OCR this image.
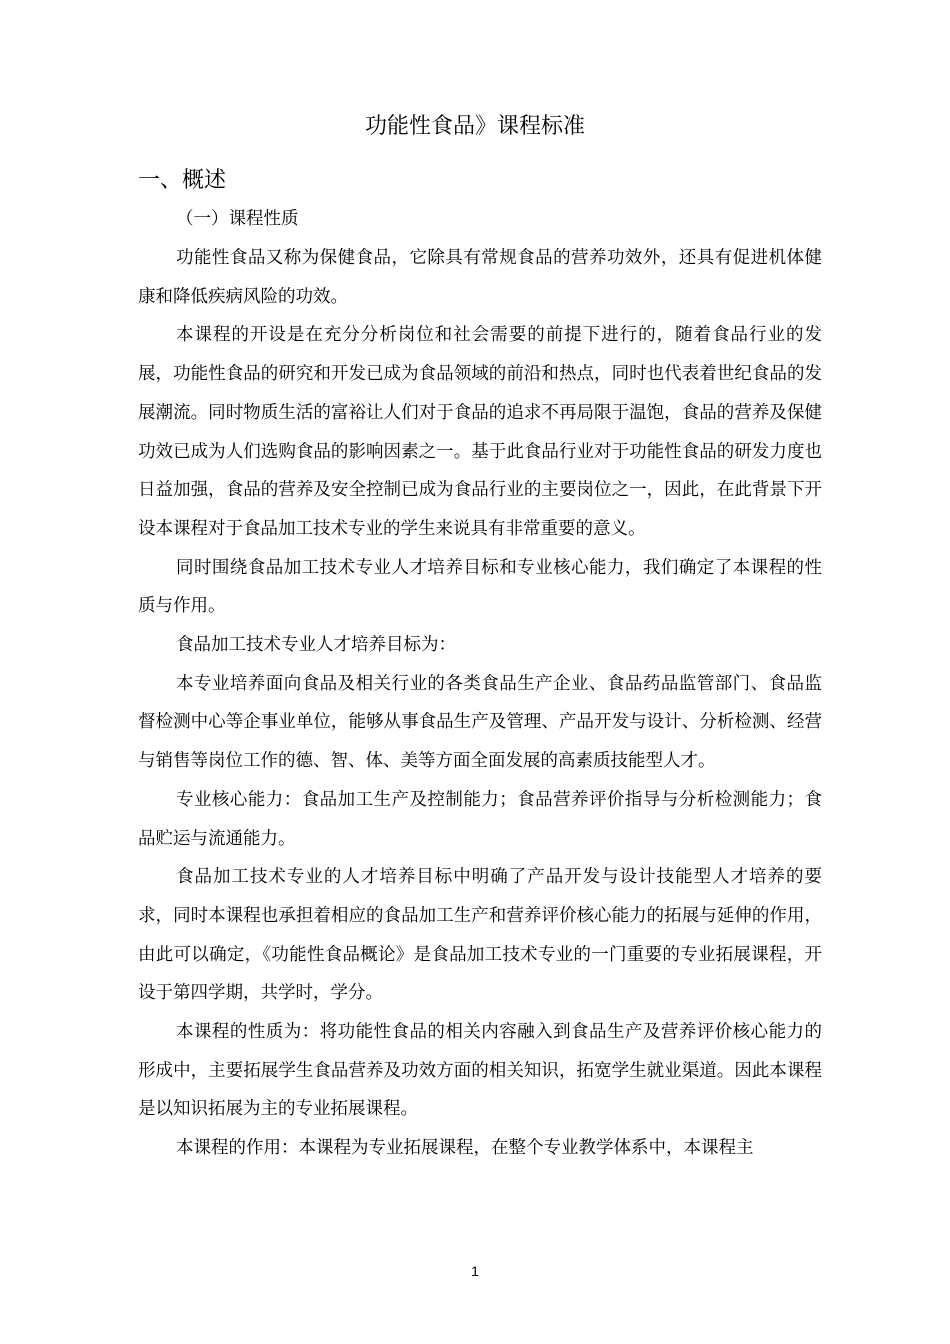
功能性食品》课程标准
一、概述
（一）课程性质

功能性食品又称为保健食品，它除具有常规食品的营养功效外，还具有促进机体健康和降低疾病风险的功效。

本课程的开设是在充分分析岗位和社会需要的前提下进行的，随着食品行业的发展，功能性食品的研究和开发已成为食品领域的前沿和热点，同时也代表着世纪食品的发展潮流。同时物质生活的富裕让人们对于食品的追求不再局限于温饱，食品的营养及保健功效已成为人们选购食品的影响因素之一。基于此食品行业对于功能性食品的研发力度也日益加强，食品的营养及安全控制已成为食品行业的主要岗位之一，因此，在此背景下开设本课程对于食品加工技术专业的学生来说具有非常重要的意义。

同时围绕食品加工技术专业人才培养目标和专业核心能力，我们确定了本课程的性质与作用。

食品加工技术专业人才培养目标为：

本专业培养面向食品及相关行业的各类食品生产企业、食品药品监管部门、食品监督检测中心等企事业单位，能够从事食品生产及管理、产品开发与设计、分析检测、经营与销售等岗位工作的德、智、体、美等方面全面发展的高素质技能型人才。

专业核心能力：食品加工生产及控制能力；食品营养评价指导与分析检测能力；食品贮运与流通能力。

食品加工技术专业的人才培养目标中明确了产品开发与设计技能型人才培养的要求，同时本课程也承担着相应的食品加工生产和营养评价核心能力的拓展与延伸的作用，由此可以确定，《功能性食品概论》是食品加工技术专业的一门重要的专业拓展课程，开设于第四学期，共学时，学分。

本课程的性质为：将功能性食品的相关内容融入到食品生产及营养评价核心能力的形成中，主要拓展学生食品营养及功效方面的相关知识，拓宽学生就业渠道。因此本课程是以知识拓展为主的专业拓展课程。

本课程的作用：本课程为专业拓展课程，在整个专业教学体系中，本课程主

1
